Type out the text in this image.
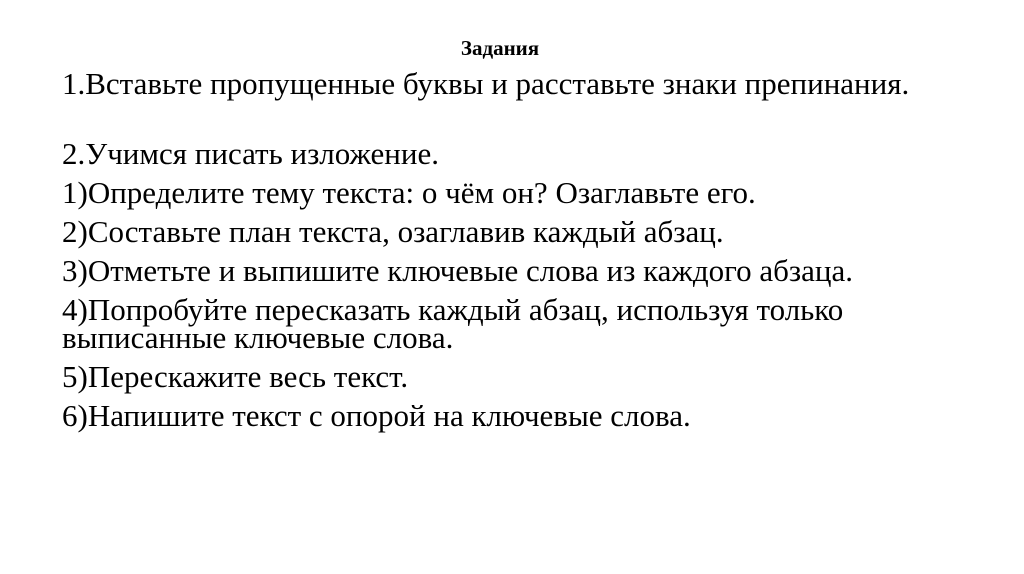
Задания

1.Вставьте пропущенные буквы и расставьте знаки препинания.

2.Учимся писать изложение.

1)Определите тему текста: о чём он? Озаглавьте его.

2)Составьте план текста, озаглавив каждый абзац.

3)Отметьте и выпишите ключевые слова из каждого абзаца.

4)Попробуйте пересказать каждый абзац, используя только выписанные ключевые слова.

5)Перескажите весь текст.

6)Напишите текст с опорой на ключевые слова.
